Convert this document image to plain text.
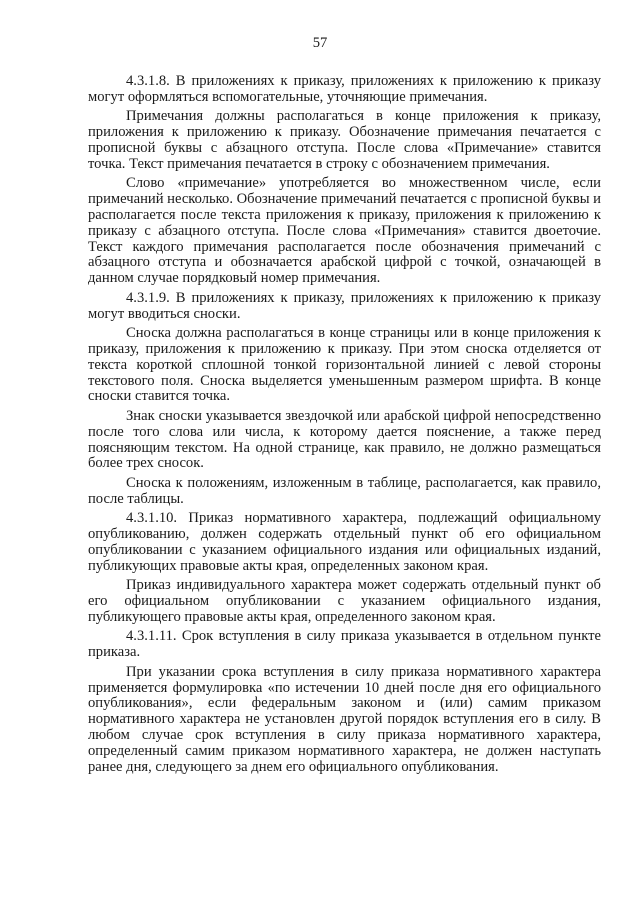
57

4.3.1.8. В приложениях к приказу, приложениях к приложению к приказу могут оформляться вспомогательные, уточняющие примечания.

Примечания должны располагаться в конце приложения к приказу, приложения к приложению к приказу. Обозначение примечания печатается с прописной буквы с абзацного отступа. После слова «Примечание» ставится точка. Текст примечания печатается в строку с обозначением примечания.

Слово «примечание» употребляется во множественном числе, если примечаний несколько. Обозначение примечаний печатается с прописной буквы и располагается после текста приложения к приказу, приложения к приложению к приказу с абзацного отступа. После слова «Примечания» ставится двоеточие. Текст каждого примечания располагается после обозначения примечаний с абзацного отступа и обозначается арабской цифрой с точкой, означающей в данном случае порядковый номер примечания.

4.3.1.9. В приложениях к приказу, приложениях к приложению к приказу могут вводиться сноски.

Сноска должна располагаться в конце страницы или в конце приложения к приказу, приложения к приложению к приказу. При этом сноска отделяется от текста короткой сплошной тонкой горизонтальной линией с левой стороны текстового поля. Сноска выделяется уменьшенным размером шрифта. В конце сноски ставится точка.

Знак сноски указывается звездочкой или арабской цифрой непосредственно после того слова или числа, к которому дается пояснение, а также перед поясняющим текстом. На одной странице, как правило, не должно размещаться более трех сносок.

Сноска к положениям, изложенным в таблице, располагается, как правило, после таблицы.

4.3.1.10. Приказ нормативного характера, подлежащий официальному опубликованию, должен содержать отдельный пункт об его официальном опубликовании с указанием официального издания или официальных изданий, публикующих правовые акты края, определенных законом края.

Приказ индивидуального характера может содержать отдельный пункт об его официальном опубликовании с указанием официального издания, публикующего правовые акты края, определенного законом края.

4.3.1.11. Срок вступления в силу приказа указывается в отдельном пункте приказа.

При указании срока вступления в силу приказа нормативного характера применяется формулировка «по истечении 10 дней после дня его официального опубликования», если федеральным законом и (или) самим приказом нормативного характера не установлен другой порядок вступления его в силу. В любом случае срок вступления в силу приказа нормативного характера, определенный самим приказом нормативного характера, не должен наступать ранее дня, следующего за днем его официального опубликования.
